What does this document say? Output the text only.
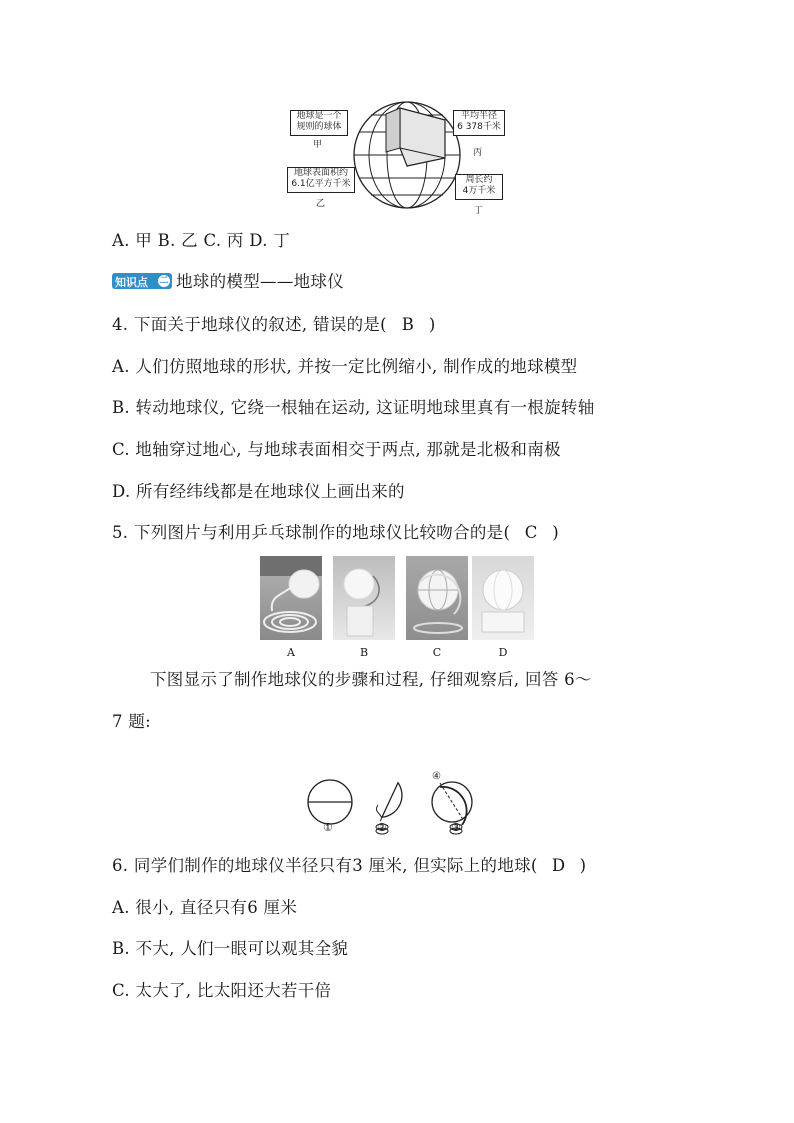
地球是一个
规则的球体
甲
地球表面积约
6.1亿平方千米
乙
平均半径
6 378千米
丙
周长约
4万千米
丁
A. 甲 B. 乙 C. 丙 D. 丁
知识点 二 地球的模型——地球仪
4. 下面关于地球仪的叙述, 错误的是( B )
A. 人们仿照地球的形状, 并按一定比例缩小, 制作成的地球模型
B. 转动地球仪, 它绕一根轴在运动, 这证明地球里真有一根旋转轴
C. 地轴穿过地心, 与地球表面相交于两点, 那就是北极和南极
D. 所有经纬线都是在地球仪上画出来的
5. 下列图片与利用乒乓球制作的地球仪比较吻合的是( C )
A	B	C	D
下图显示了制作地球仪的步骤和过程, 仔细观察后, 回答 6～
7 题:
④
①	②	③
6. 同学们制作的地球仪半径只有3 厘米, 但实际上的地球( D )
A. 很小, 直径只有6 厘米
B. 不大, 人们一眼可以观其全貌
C. 太大了, 比太阳还大若干倍
